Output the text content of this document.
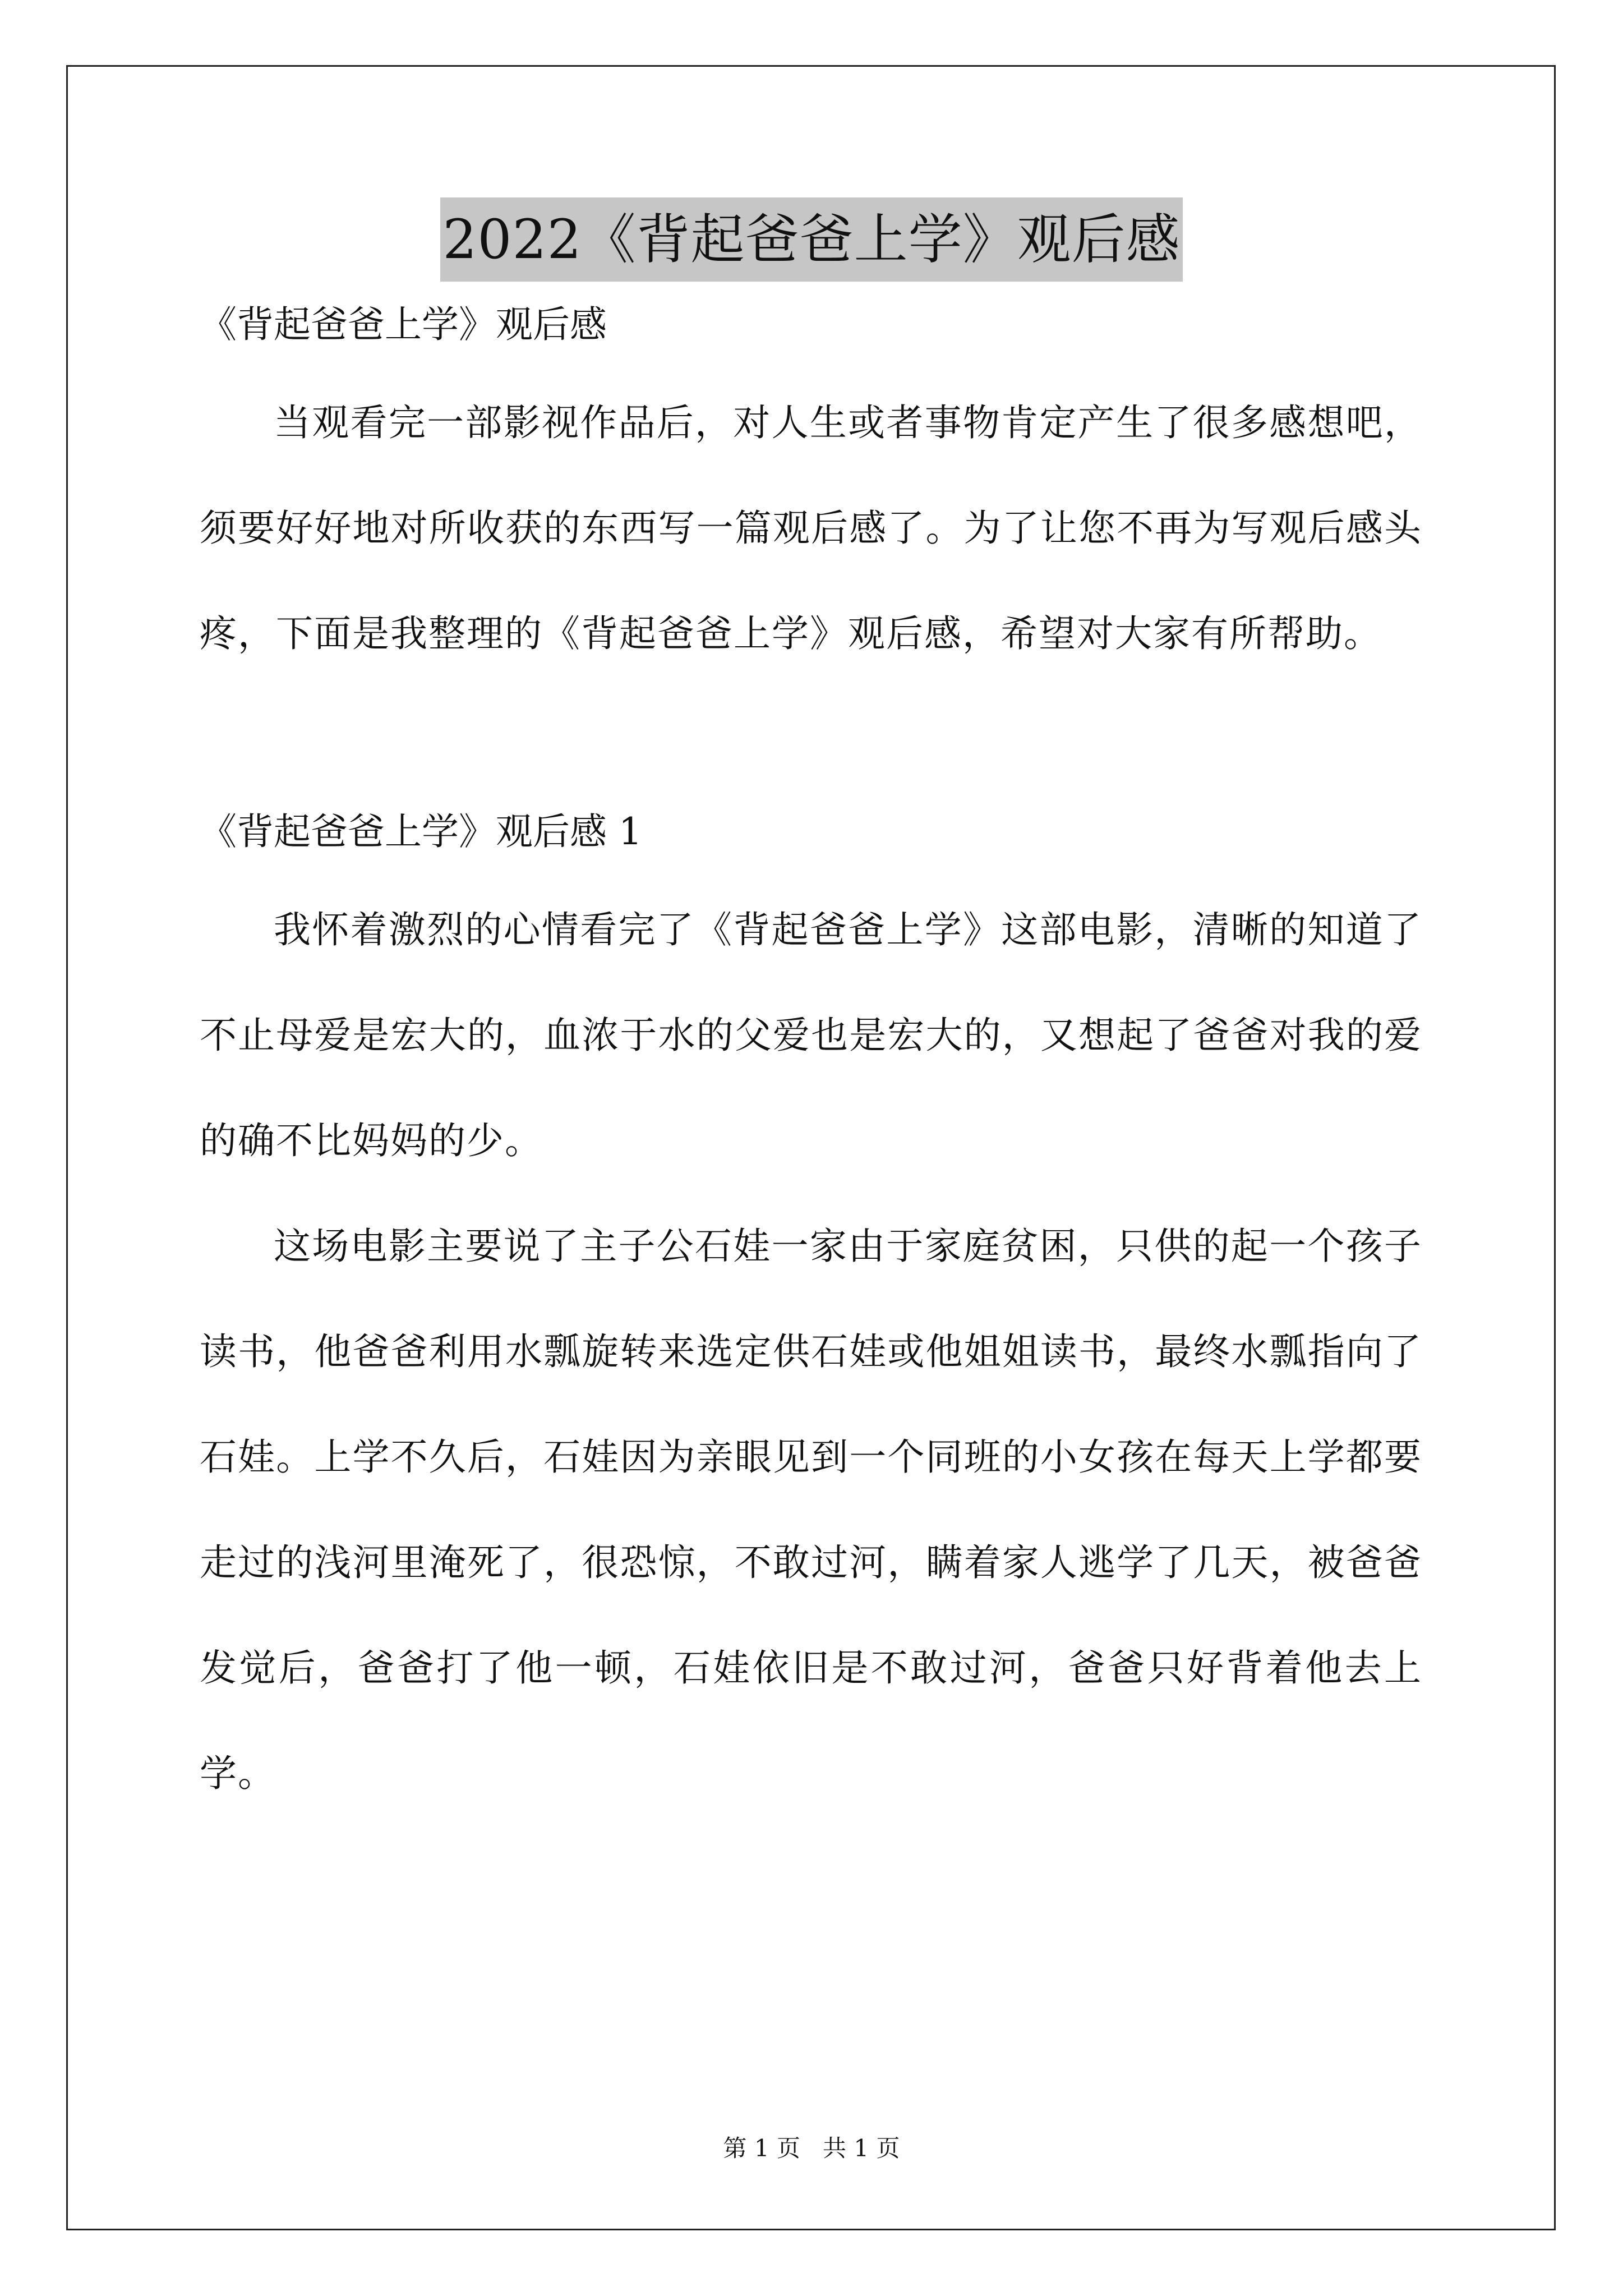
2022《背起爸爸上学》观后感

《背起爸爸上学》观后感

当观看完一部影视作品后，对人生或者事物肯定产生了很多感想吧，须要好好地对所收获的东西写一篇观后感了。为了让您不再为写观后感头疼，下面是我整理的《背起爸爸上学》观后感，希望对大家有所帮助。

《背起爸爸上学》观后感 1

我怀着激烈的心情看完了《背起爸爸上学》这部电影，清晰的知道了不止母爱是宏大的，血浓于水的父爱也是宏大的，又想起了爸爸对我的爱的确不比妈妈的少。

这场电影主要说了主子公石娃一家由于家庭贫困，只供的起一个孩子读书，他爸爸利用水瓢旋转来选定供石娃或他姐姐读书，最终水瓢指向了石娃。上学不久后，石娃因为亲眼见到一个同班的小女孩在每天上学都要走过的浅河里淹死了，很恐惊，不敢过河，瞒着家人逃学了几天，被爸爸发觉后，爸爸打了他一顿，石娃依旧是不敢过河，爸爸只好背着他去上学。

第 1 页   共 1 页
